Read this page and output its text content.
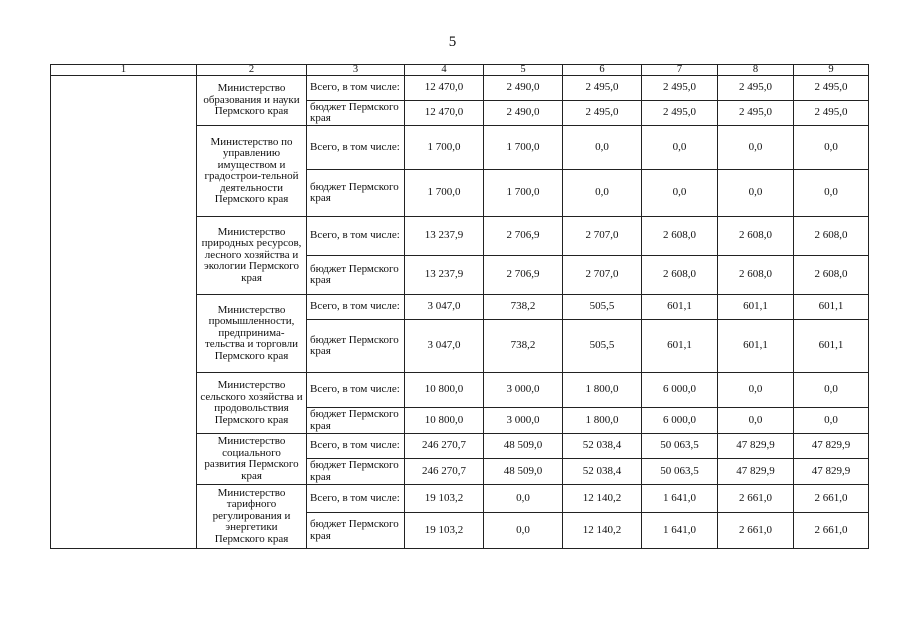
5
1	2	3	4	5	6	7	8	9
	Министерство образования и науки Пермского края	Всего, в том числе:	12 470,0	2 490,0	2 495,0	2 495,0	2 495,0	2 495,0
		бюджет Пермского края	12 470,0	2 490,0	2 495,0	2 495,0	2 495,0	2 495,0
	Министерство по управлению имуществом и градострои-тельной деятельности Пермского края	Всего, в том числе:	1 700,0	1 700,0	0,0	0,0	0,0	0,0
		бюджет Пермского края	1 700,0	1 700,0	0,0	0,0	0,0	0,0
	Министерство природных ресурсов, лесного хозяйства и экологии Пермского края	Всего, в том числе:	13 237,9	2 706,9	2 707,0	2 608,0	2 608,0	2 608,0
		бюджет Пермского края	13 237,9	2 706,9	2 707,0	2 608,0	2 608,0	2 608,0
	Министерство промышленности, предпринима-тельства и торговли Пермского края	Всего, в том числе:	3 047,0	738,2	505,5	601,1	601,1	601,1
		бюджет Пермского края	3 047,0	738,2	505,5	601,1	601,1	601,1
	Министерство сельского хозяйства и продовольствия Пермского края	Всего, в том числе:	10 800,0	3 000,0	1 800,0	6 000,0	0,0	0,0
		бюджет Пермского края	10 800,0	3 000,0	1 800,0	6 000,0	0,0	0,0
	Министерство социального развития Пермского края	Всего, в том числе:	246 270,7	48 509,0	52 038,4	50 063,5	47 829,9	47 829,9
		бюджет Пермского края	246 270,7	48 509,0	52 038,4	50 063,5	47 829,9	47 829,9
	Министерство тарифного регулирования и энергетики Пермского края	Всего, в том числе:	19 103,2	0,0	12 140,2	1 641,0	2 661,0	2 661,0
		бюджет Пермского края	19 103,2	0,0	12 140,2	1 641,0	2 661,0	2 661,0
